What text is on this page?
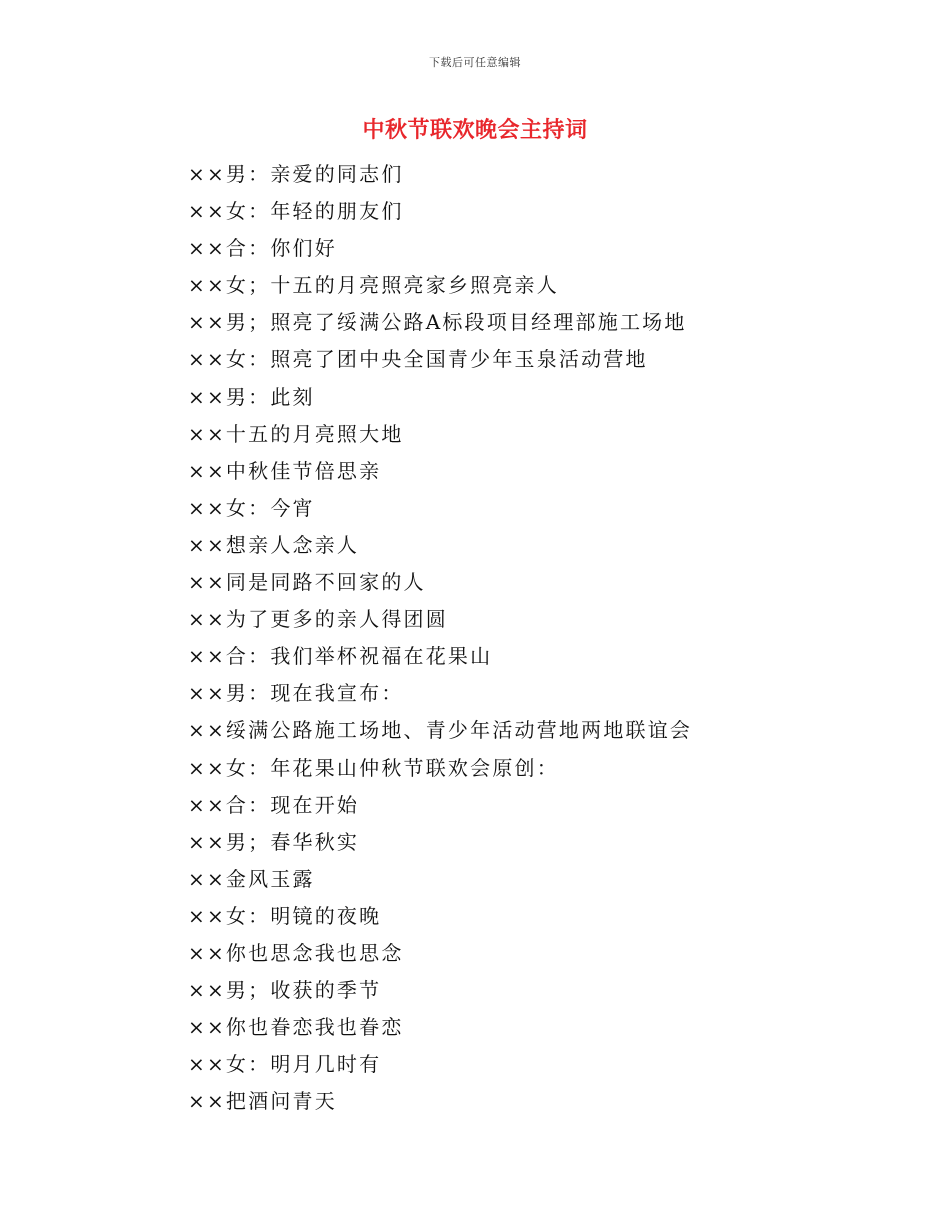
下载后可任意编辑
中秋节联欢晚会主持词
××男：亲爱的同志们
××女：年轻的朋友们
××合：你们好
××女；十五的月亮照亮家乡照亮亲人
××男；照亮了绥满公路A标段项目经理部施工场地
××女：照亮了团中央全国青少年玉泉活动营地
××男：此刻
××十五的月亮照大地
××中秋佳节倍思亲
××女：今宵
××想亲人念亲人
××同是同路不回家的人
××为了更多的亲人得团圆
××合：我们举杯祝福在花果山
××男：现在我宣布：
××绥满公路施工场地、青少年活动营地两地联谊会
××女：年花果山仲秋节联欢会原创：
××合：现在开始
××男；春华秋实
××金风玉露
××女：明镜的夜晚
××你也思念我也思念
××男；收获的季节
××你也眷恋我也眷恋
××女：明月几时有
××把酒问青天
